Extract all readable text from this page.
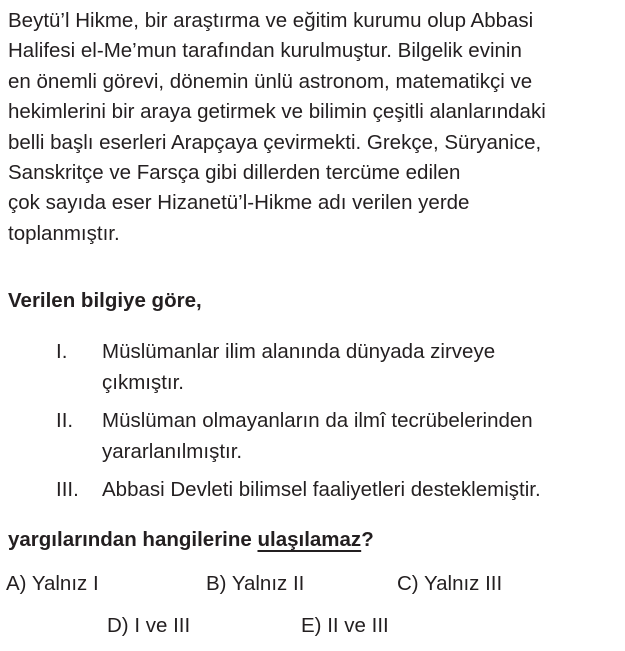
Beytü’l Hikme, bir araştırma ve eğitim kurumu olup Abbasi
Halifesi el-Me’mun tarafından kurulmuştur. Bilgelik evinin
en önemli görevi, dönemin ünlü astronom, matematikçi ve
hekimlerini bir araya getirmek ve bilimin çeşitli alanlarındaki
belli başlı eserleri Arapçaya çevirmekti. Grekçe, Süryanice,
Sanskritçe ve Farsça gibi dillerden tercüme edilen
çok sayıda eser Hizanetü’l-Hikme adı verilen yerde
toplanmıştır.
Verilen bilgiye göre,
I. Müslümanlar ilim alanında dünyada zirveye
çıkmıştır.
II. Müslüman olmayanların da ilmî tecrübelerinden
yararlanılmıştır.
III. Abbasi Devleti bilimsel faaliyetleri desteklemiştir.
yargılarından hangilerine ulaşılamaz?
A) Yalnız I	B) Yalnız II	C) Yalnız III
D) I ve III	E) II ve III
